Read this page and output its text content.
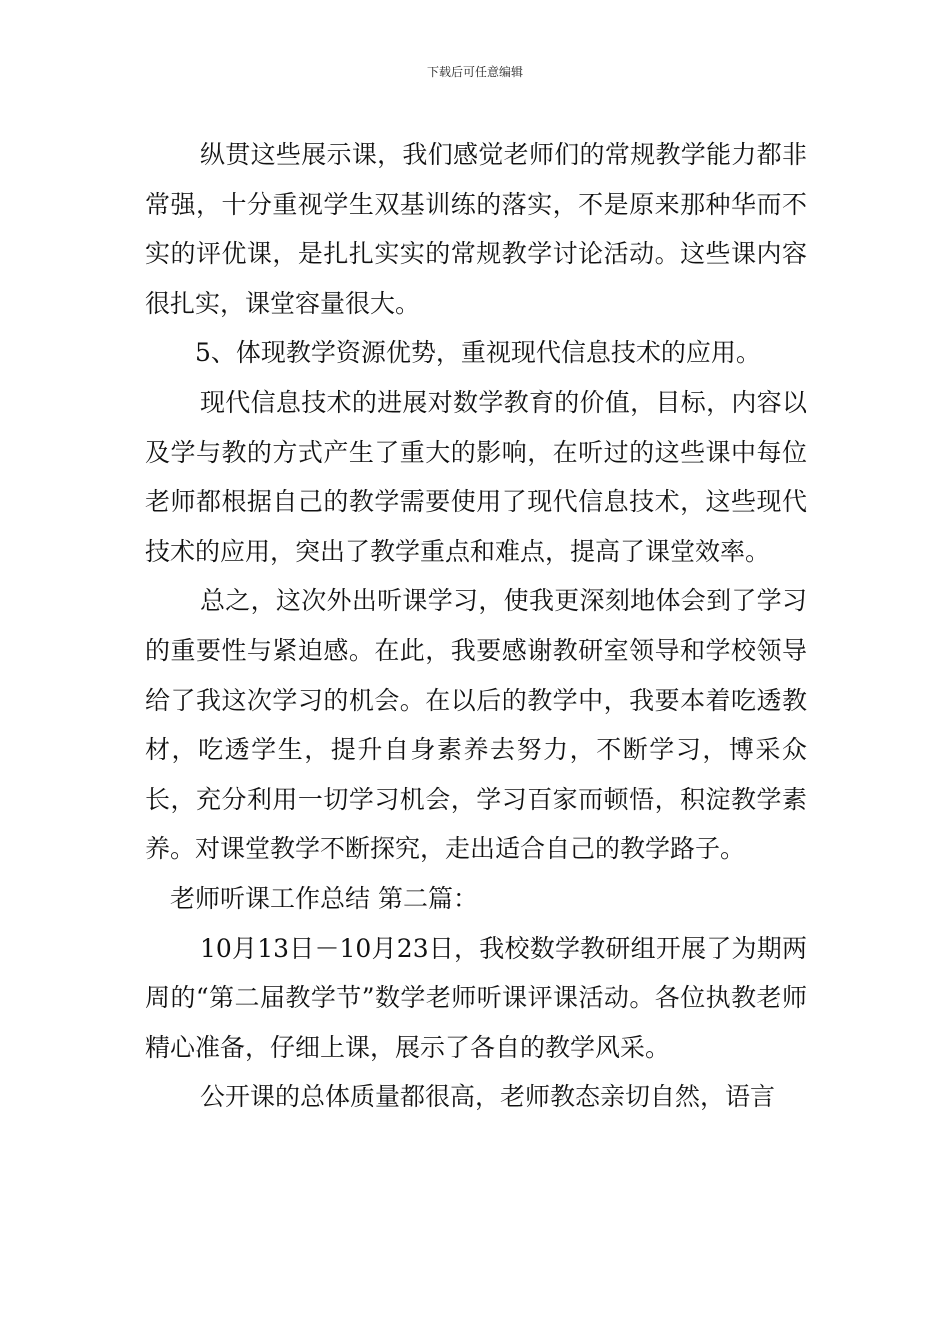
下载后可任意编辑

纵贯这些展示课，我们感觉老师们的常规教学能力都非常强，十分重视学生双基训练的落实，不是原来那种华而不实的评优课，是扎扎实实的常规教学讨论活动。这些课内容很扎实，课堂容量很大。

5、体现教学资源优势，重视现代信息技术的应用。

现代信息技术的进展对数学教育的价值，目标，内容以及学与教的方式产生了重大的影响，在听过的这些课中每位老师都根据自己的教学需要使用了现代信息技术，这些现代技术的应用，突出了教学重点和难点，提高了课堂效率。

总之，这次外出听课学习，使我更深刻地体会到了学习的重要性与紧迫感。在此，我要感谢教研室领导和学校领导给了我这次学习的机会。在以后的教学中，我要本着吃透教材，吃透学生，提升自身素养去努力，不断学习，博采众长，充分利用一切学习机会，学习百家而顿悟，积淀教学素养。对课堂教学不断探究，走出适合自己的教学路子。

老师听课工作总结 第二篇：

10月13日－10月23日，我校数学教研组开展了为期两周的“第二届教学节”数学老师听课评课活动。各位执教老师精心准备，仔细上课，展示了各自的教学风采。

公开课的总体质量都很高，老师教态亲切自然，语言
